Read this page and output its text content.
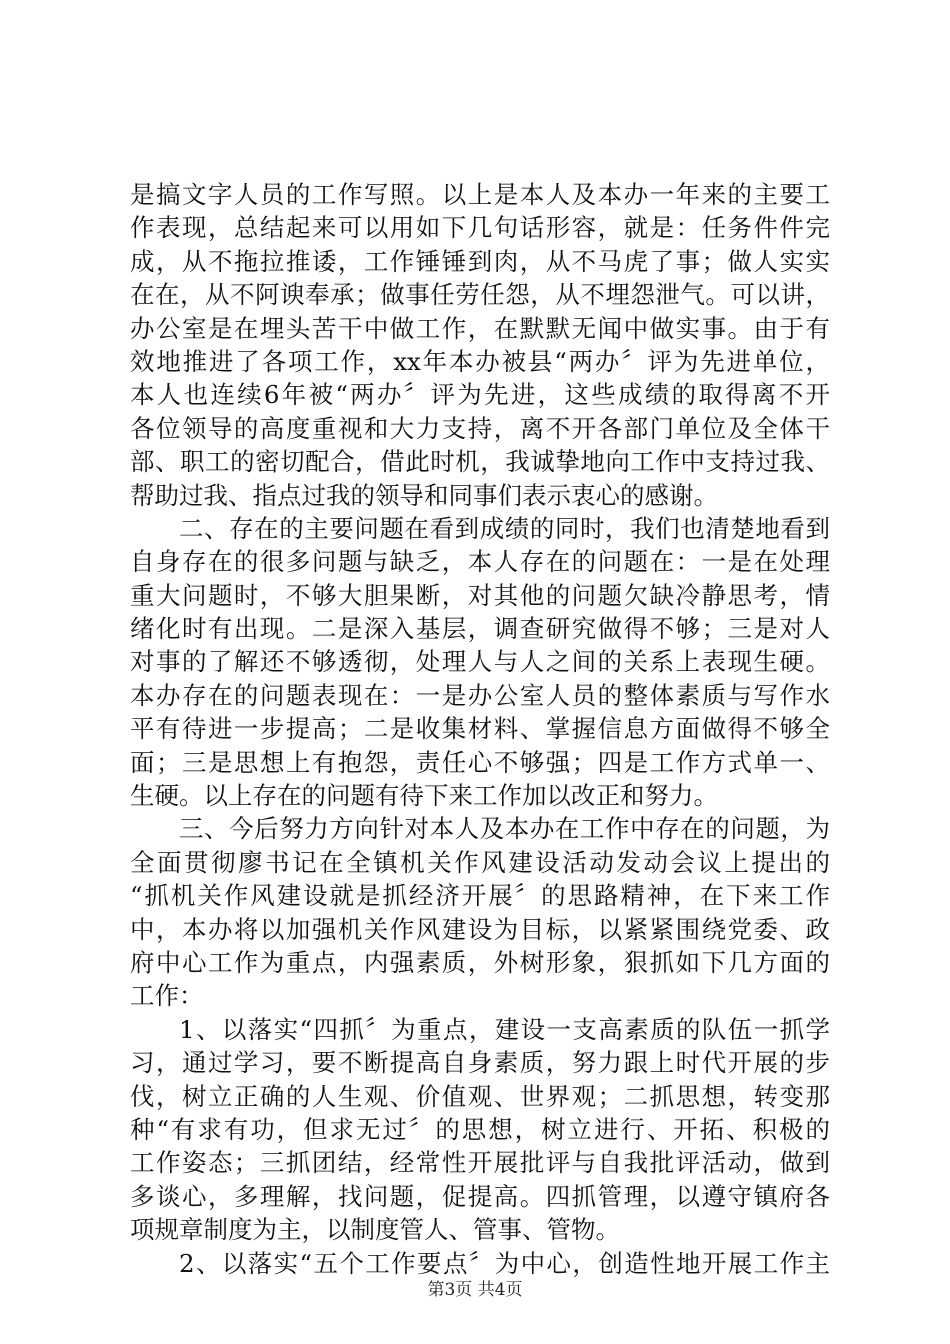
是搞文字人员的工作写照。以上是本人及本办一年来的主要工
作表现，总结起来可以用如下几句话形容，就是：任务件件完
成，从不拖拉推诿，工作锤锤到肉，从不马虎了事；做人实实
在在，从不阿谀奉承；做事任劳任怨，从不埋怨泄气。可以讲，
办公室是在埋头苦干中做工作，在默默无闻中做实事。由于有
效地推进了各项工作，xx年本办被县“两办〞评为先进单位，
本人也连续6年被“两办〞评为先进，这些成绩的取得离不开
各位领导的高度重视和大力支持，离不开各部门单位及全体干
部、职工的密切配合，借此时机，我诚挚地向工作中支持过我、
帮助过我、指点过我的领导和同事们表示衷心的感谢。
二、存在的主要问题在看到成绩的同时，我们也清楚地看到
自身存在的很多问题与缺乏，本人存在的问题在：一是在处理
重大问题时，不够大胆果断，对其他的问题欠缺冷静思考，情
绪化时有出现。二是深入基层，调查研究做得不够；三是对人
对事的了解还不够透彻，处理人与人之间的关系上表现生硬。
本办存在的问题表现在：一是办公室人员的整体素质与写作水
平有待进一步提高；二是收集材料、掌握信息方面做得不够全
面；三是思想上有抱怨，责任心不够强；四是工作方式单一、
生硬。以上存在的问题有待下来工作加以改正和努力。
三、今后努力方向针对本人及本办在工作中存在的问题，为
全面贯彻廖书记在全镇机关作风建设活动发动会议上提出的
“抓机关作风建设就是抓经济开展〞的思路精神，在下来工作
中，本办将以加强机关作风建设为目标，以紧紧围绕党委、政
府中心工作为重点，内强素质，外树形象，狠抓如下几方面的
工作：
1、以落实“四抓〞为重点，建设一支高素质的队伍一抓学
习，通过学习，要不断提高自身素质，努力跟上时代开展的步
伐，树立正确的人生观、价值观、世界观；二抓思想，转变那
种“有求有功，但求无过〞的思想，树立进行、开拓、积极的
工作姿态；三抓团结，经常性开展批评与自我批评活动，做到
多谈心，多理解，找问题，促提高。四抓管理，以遵守镇府各
项规章制度为主，以制度管人、管事、管物。
2、以落实“五个工作要点〞为中心，创造性地开展工作主
第3页 共4页
